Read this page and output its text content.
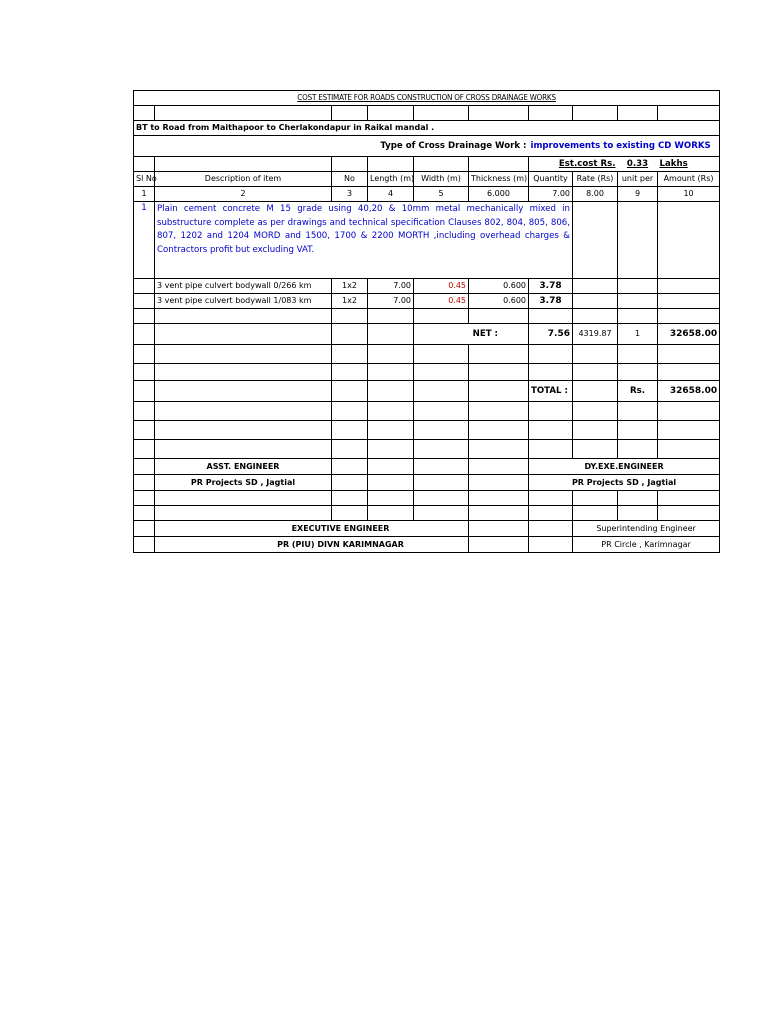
COST ESTIMATE FOR ROADS CONSTRUCTION OF CROSS DRAINAGE WORKS									

BT to Road from Maithapoor to Cherlakondapur in Raikal mandal .									
Type of Cross Drainage Work :						improvements to existing CD WORKS			
						Est.cost Rs.		0.33	Lakhs
Sl No	Description of item	No	Length (m)	Width (m)	Thickness (m)	Quantity	Rate (Rs)	unit per	Amount (Rs)
1	2	3	4	5	6.000	7.00	8.00	9	10
1	Plain cement concrete M 15 grade using 40,20 & 10mm metal mechanically mixed in substructure complete as per drawings and technical specification Clauses 802, 804, 805, 806, 807, 1202 and 1204 MORD and 1500, 1700 & 2200 MORTH ,including overhead charges & Contractors profit but excluding VAT.								
	3 vent pipe culvert bodywall 0/266 km	1x2	7.00	0.45	0.600	3.78			
	3 vent pipe culvert bodywall 1/083 km	1x2	7.00	0.45	0.600	3.78			

				NET :		7.56	4319.87	1	32658.00

						TOTAL :		Rs.	32658.00

	ASST. ENGINEER					DY.EXE.ENGINEER			
	PR Projects SD , Jagtial					PR Projects SD , Jagtial			

	EXECUTIVE ENGINEER						Superintending Engineer		
	PR (PIU) DIVN KARIMNAGAR						PR Circle , Karimnagar		
